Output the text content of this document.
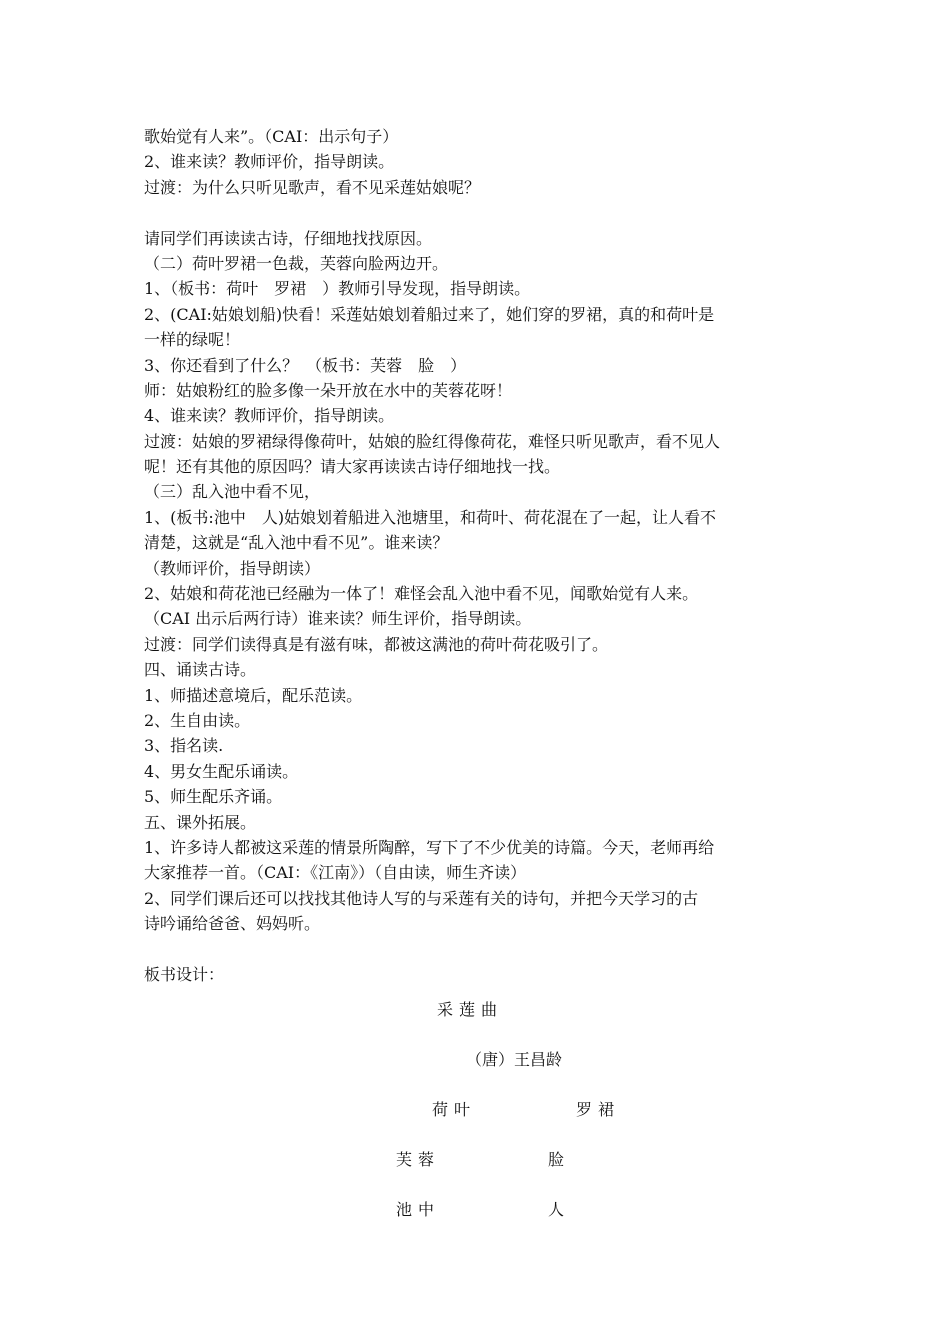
歌始觉有人来”。（CAI：出示句子）
2、谁来读？教师评价，指导朗读。
过渡：为什么只听见歌声，看不见采莲姑娘呢？
请同学们再读读古诗，仔细地找找原因。
（二）荷叶罗裙一色裁，芙蓉向脸两边开。
1、（板书：荷叶　罗裙　）教师引导发现，指导朗读。
2、(CAI:姑娘划船)快看！采莲姑娘划着船过来了，她们穿的罗裙，真的和荷叶是
一样的绿呢！
3、你还看到了什么？　（板书：芙蓉　脸　）
师：姑娘粉红的脸多像一朵开放在水中的芙蓉花呀！
4、谁来读？教师评价，指导朗读。
过渡：姑娘的罗裙绿得像荷叶，姑娘的脸红得像荷花，难怪只听见歌声，看不见人
呢！还有其他的原因吗？请大家再读读古诗仔细地找一找。
（三）乱入池中看不见，
1、(板书:池中　人)姑娘划着船进入池塘里，和荷叶、荷花混在了一起，让人看不
清楚，这就是“乱入池中看不见”。谁来读？
（教师评价，指导朗读）
2、姑娘和荷花池已经融为一体了！难怪会乱入池中看不见，闻歌始觉有人来。
（CAI 出示后两行诗）谁来读？师生评价，指导朗读。
过渡：同学们读得真是有滋有味，都被这满池的荷叶荷花吸引了。
四、诵读古诗。
1、师描述意境后，配乐范读。
2、生自由读。
3、指名读.
4、男女生配乐诵读。
5、师生配乐齐诵。
五、课外拓展。
1、许多诗人都被这采莲的情景所陶醉，写下了不少优美的诗篇。今天，老师再给
大家推荐一首。（CAI：《江南》）（自由读，师生齐读）
2、同学们课后还可以找找其他诗人写的与采莲有关的诗句，并把今天学习的古
诗吟诵给爸爸、妈妈听。
板书设计：
采莲曲
（唐）王昌龄
荷叶	罗裙
芙蓉	脸
池中	人
